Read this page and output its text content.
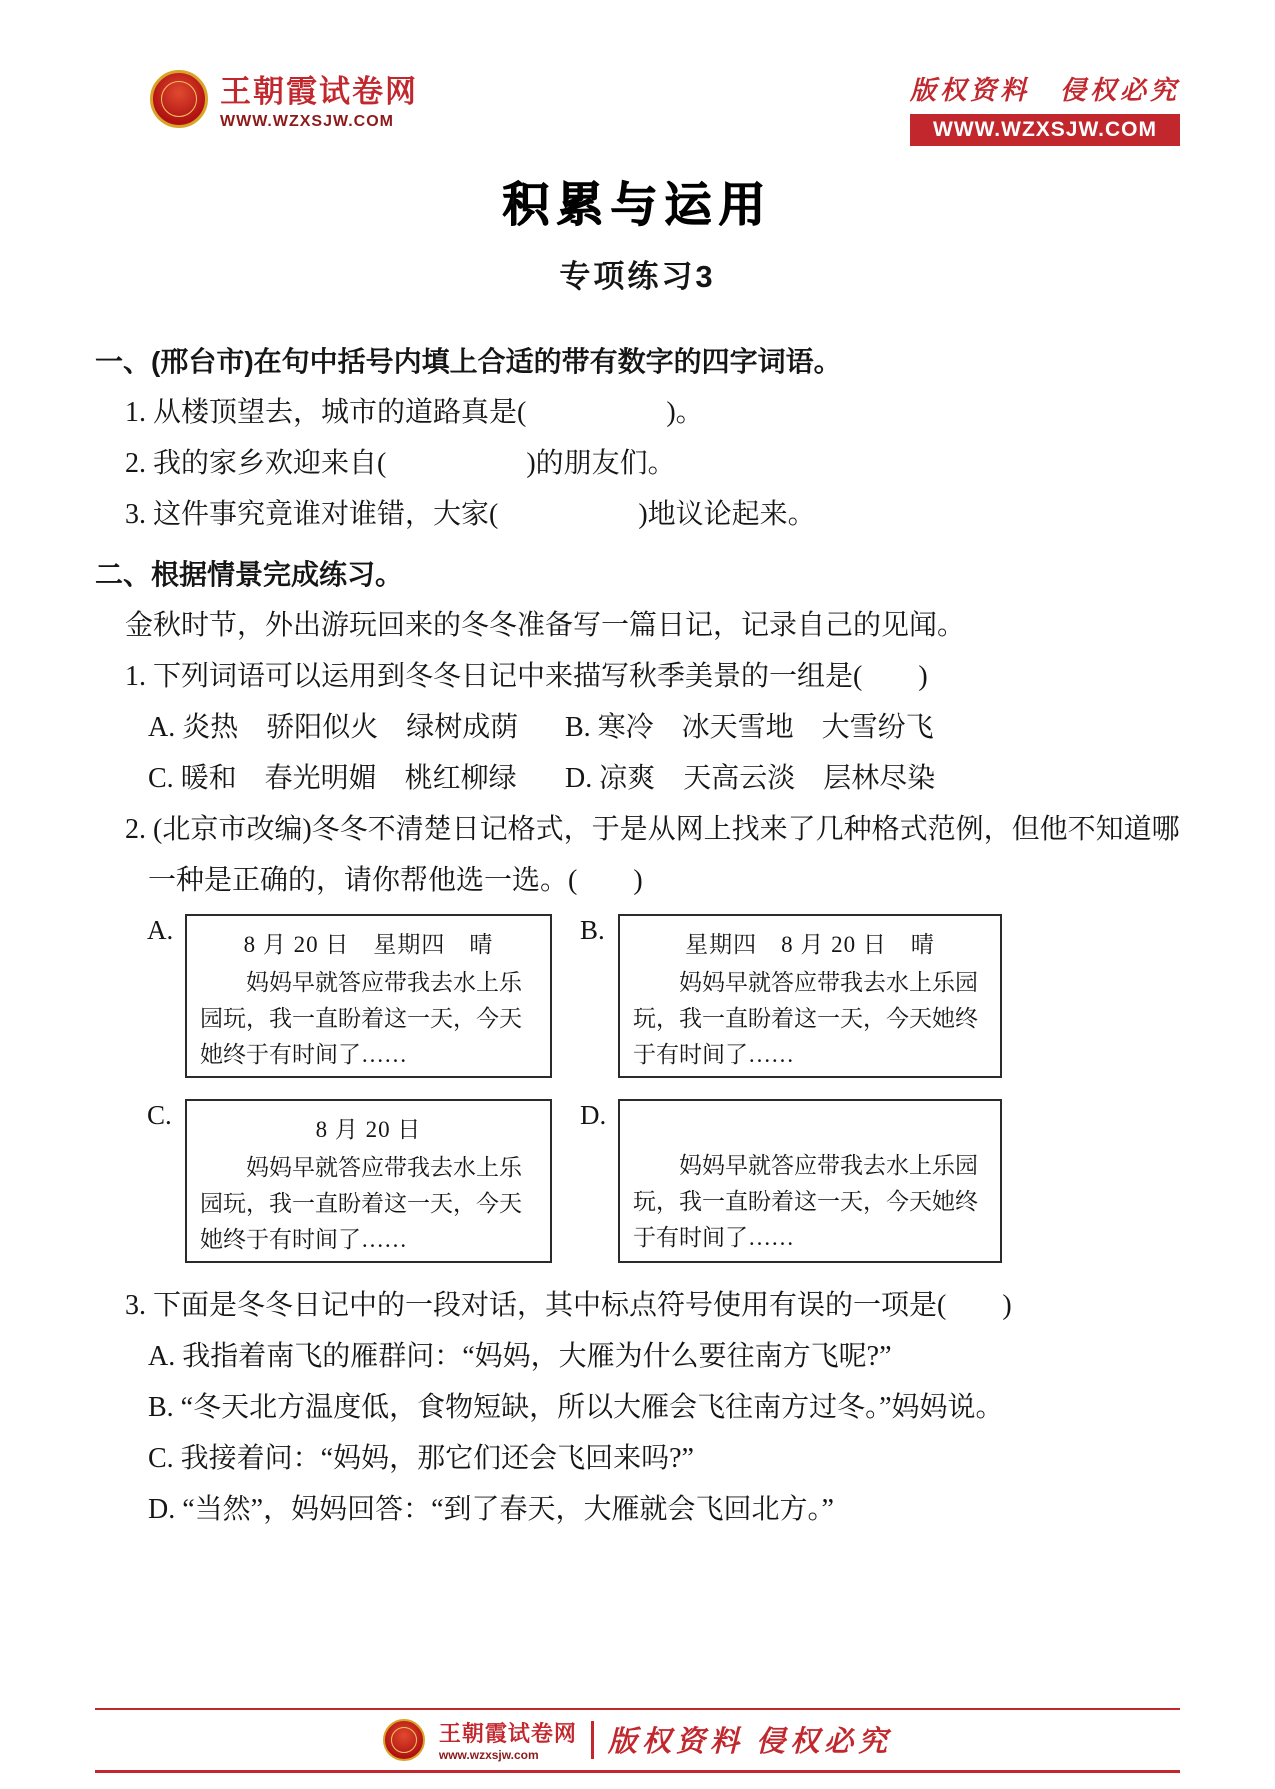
王朝霞试卷网
WWW.WZXSJW.COM
版权资料　侵权必究
WWW.WZXSJW.COM
积累与运用
专项练习3
一、(邢台市)在句中括号内填上合适的带有数字的四字词语。
1. 从楼顶望去，城市的道路真是(　　　　　)。
2. 我的家乡欢迎来自(　　　　　)的朋友们。
3. 这件事究竟谁对谁错，大家(　　　　　)地议论起来。
二、根据情景完成练习。
金秋时节，外出游玩回来的冬冬准备写一篇日记，记录自己的见闻。
1. 下列词语可以运用到冬冬日记中来描写秋季美景的一组是(　　)
A. 炎热　骄阳似火　绿树成荫	B. 寒冷　冰天雪地　大雪纷飞
C. 暖和　春光明媚　桃红柳绿	D. 凉爽　天高云淡　层林尽染
2. (北京市改编)冬冬不清楚日记格式，于是从网上找来了几种格式范例，但他不知道哪一种是正确的，请你帮他选一选。(　　)
A.	8 月 20 日　星期四　晴
妈妈早就答应带我去水上乐园玩，我一直盼着这一天，今天她终于有时间了……
B.	星期四　8 月 20 日　晴
妈妈早就答应带我去水上乐园玩，我一直盼着这一天，今天她终于有时间了……
C.	8 月 20 日
妈妈早就答应带我去水上乐园玩，我一直盼着这一天，今天她终于有时间了……
D.
妈妈早就答应带我去水上乐园玩，我一直盼着这一天，今天她终于有时间了……
3. 下面是冬冬日记中的一段对话，其中标点符号使用有误的一项是(　　)
A. 我指着南飞的雁群问：“妈妈，大雁为什么要往南方飞呢?”
B. “冬天北方温度低，食物短缺，所以大雁会飞往南方过冬。”妈妈说。
C. 我接着问：“妈妈，那它们还会飞回来吗?”
D. “当然”，妈妈回答：“到了春天，大雁就会飞回北方。”
王朝霞试卷网
www.wzxsjw.com	版权资料 侵权必究
